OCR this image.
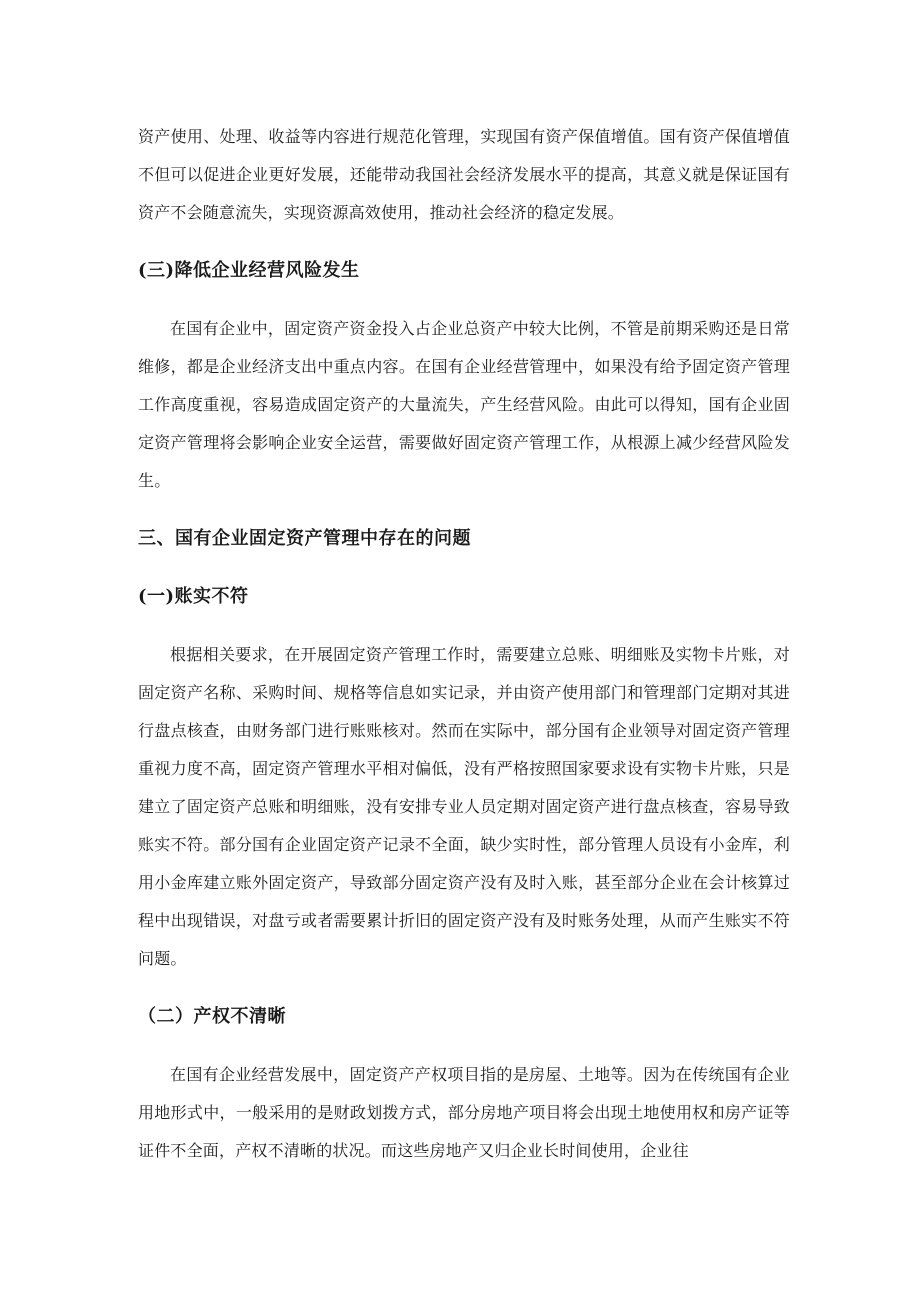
资产使用、处理、收益等内容进行规范化管理，实现国有资产保值增值。国有资产保值增值不但可以促进企业更好发展，还能带动我国社会经济发展水平的提高，其意义就是保证国有资产不会随意流失，实现资源高效使用，推动社会经济的稳定发展。

(三)降低企业经营风险发生

在国有企业中，固定资产资金投入占企业总资产中较大比例，不管是前期采购还是日常维修，都是企业经济支出中重点内容。在国有企业经营管理中，如果没有给予固定资产管理工作高度重视，容易造成固定资产的大量流失，产生经营风险。由此可以得知，国有企业固定资产管理将会影响企业安全运营，需要做好固定资产管理工作，从根源上减少经营风险发生。

三、国有企业固定资产管理中存在的问题
(一)账实不符

根据相关要求，在开展固定资产管理工作时，需要建立总账、明细账及实物卡片账，对固定资产名称、采购时间、规格等信息如实记录，并由资产使用部门和管理部门定期对其进行盘点核查，由财务部门进行账账核对。然而在实际中，部分国有企业领导对固定资产管理重视力度不高，固定资产管理水平相对偏低，没有严格按照国家要求设有实物卡片账，只是建立了固定资产总账和明细账，没有安排专业人员定期对固定资产进行盘点核查，容易导致账实不符。部分国有企业固定资产记录不全面，缺少实时性，部分管理人员设有小金库，利用小金库建立账外固定资产，导致部分固定资产没有及时入账，甚至部分企业在会计核算过程中出现错误，对盘亏或者需要累计折旧的固定资产没有及时账务处理，从而产生账实不符问题。

（二）产权不清晰

在国有企业经营发展中，固定资产产权项目指的是房屋、土地等。因为在传统国有企业用地形式中，一般采用的是财政划拨方式，部分房地产项目将会出现土地使用权和房产证等证件不全面，产权不清晰的状况。而这些房地产又归企业长时间使用，企业往
